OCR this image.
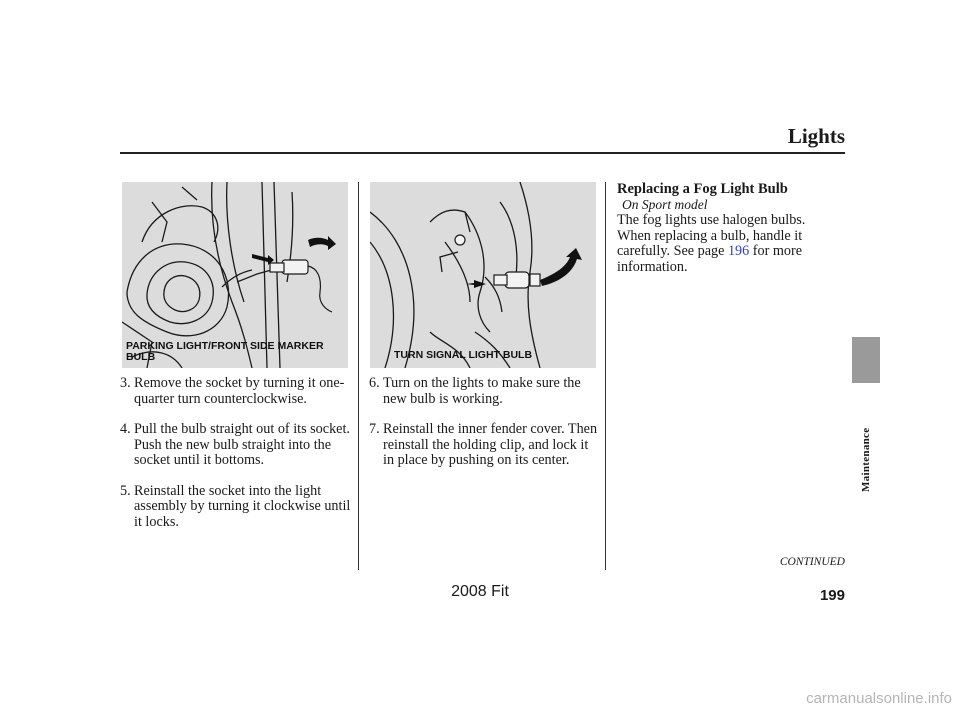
Lights
PARKING LIGHT/FRONT SIDE MARKER BULB	TURN SIGNAL LIGHT BULB
3. Remove the socket by turning it one-quarter turn counterclockwise.
4. Pull the bulb straight out of its socket. Push the new bulb straight into the socket until it bottoms.
5. Reinstall the socket into the light assembly by turning it clockwise until it locks.
6. Turn on the lights to make sure the new bulb is working.
7. Reinstall the inner fender cover. Then reinstall the holding clip, and lock it in place by pushing on its center.
Replacing a Fog Light Bulb
On Sport model
The fog lights use halogen bulbs. When replacing a bulb, handle it carefully. See page 196 for more information.
Maintenance
CONTINUED
199
2008 Fit
carmanualsonline.info
